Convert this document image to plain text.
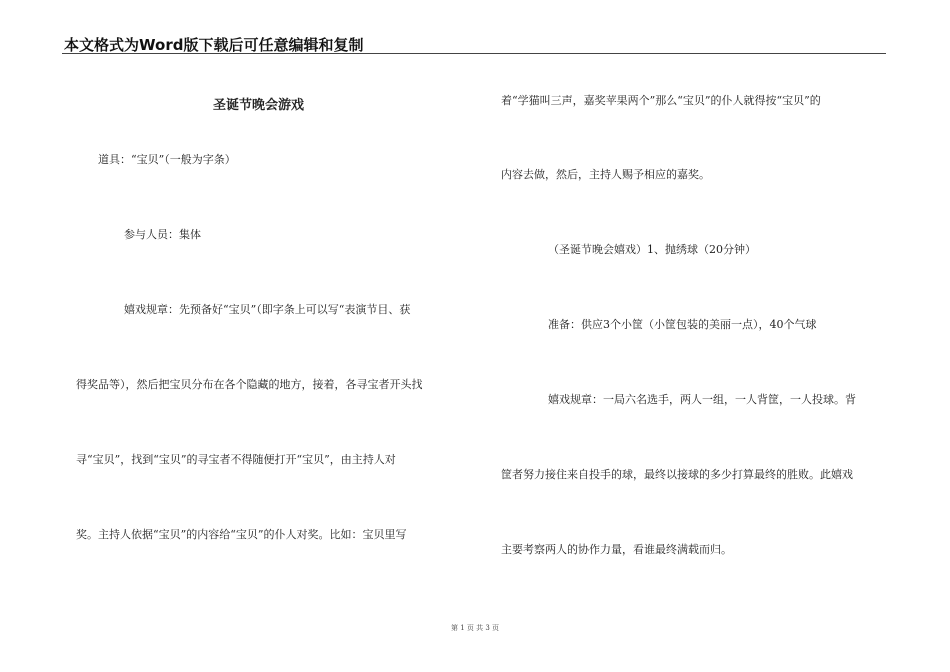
本文格式为Word版下载后可任意编辑和复制
圣诞节晚会游戏
道具：“宝贝”（一般为字条）
参与人员：集体
嬉戏规章：先预备好“宝贝”（即字条上可以写“表演节目、获
得奖品等），然后把宝贝分布在各个隐藏的地方，接着，各寻宝者开头找
寻“宝贝”，找到“宝贝”的寻宝者不得随便打开“宝贝”，由主持人对
奖。主持人依据“宝贝”的内容给“宝贝”的仆人对奖。比如：宝贝里写
着“学猫叫三声，嘉奖苹果两个”那么“宝贝”的仆人就得按“宝贝”的
内容去做，然后，主持人赐予相应的嘉奖。
（圣诞节晚会嬉戏）1、抛绣球（20分钟）
准备：供应3个小筐（小筐包装的美丽一点），40个气球
嬉戏规章：一局六名选手，两人一组，一人背筐，一人投球。背
筐者努力接住来自投手的球，最终以接球的多少打算最终的胜败。此嬉戏
主要考察两人的协作力量，看谁最终满载而归。
第 1 页 共 3 页
